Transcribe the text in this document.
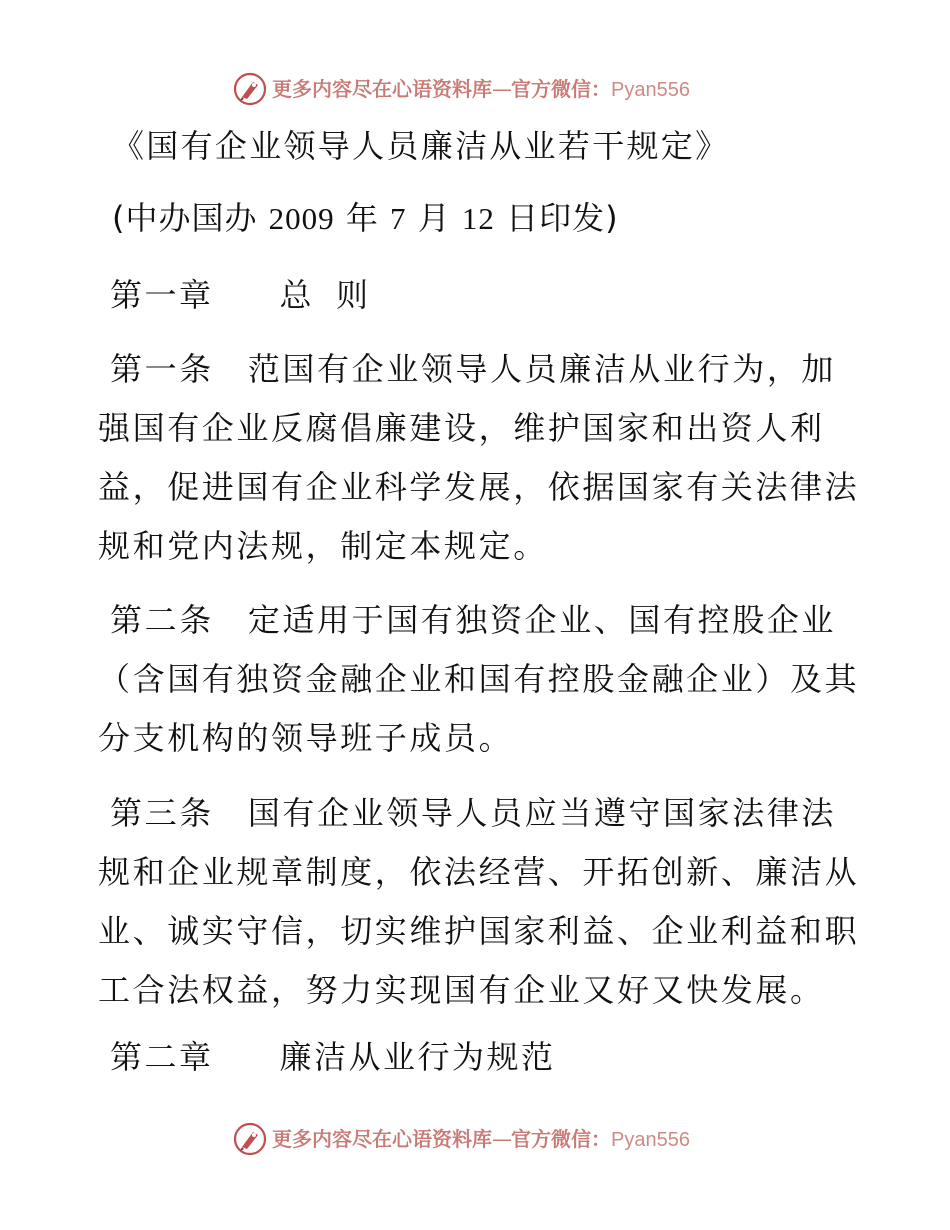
更多内容尽在心语资料库—官方微信：Pyan556
《国有企业领导人员廉洁从业若干规定》
(中办国办 2009 年 7 月 12 日印发)
第一章 总 则
第一条 范国有企业领导人员廉洁从业行为，加
强国有企业反腐倡廉建设，维护国家和出资人利
益，促进国有企业科学发展，依据国家有关法律法
规和党内法规，制定本规定。
第二条 定适用于国有独资企业、国有控股企业
（含国有独资金融企业和国有控股金融企业）及其
分支机构的领导班子成员。
第三条 国有企业领导人员应当遵守国家法律法
规和企业规章制度，依法经营、开拓创新、廉洁从
业、诚实守信，切实维护国家利益、企业利益和职
工合法权益，努力实现国有企业又好又快发展。
第二章 廉洁从业行为规范
更多内容尽在心语资料库—官方微信：Pyan556
